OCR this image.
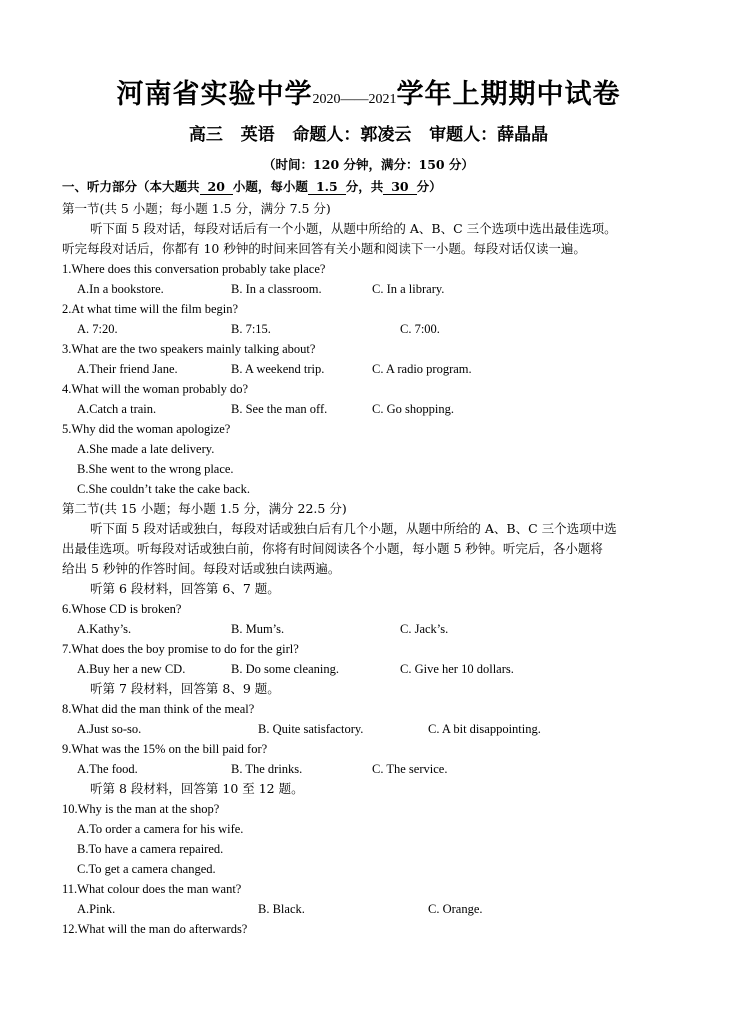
河南省实验中学2020——2021学年上期期中试卷
高三   英语   命题人：郭凌云   审题人：薛晶晶
（时间：120 分钟，满分：150 分）
一、听力部分（本大题共 20 小题，每小题 1.5 分，共 30 分）
第一节(共 5 小题；每小题 1.5 分，满分 7.5 分)
听下面 5 段对话，每段对话后有一个小题，从题中所给的 A、B、C 三个选项中选出最佳选项。
听完每段对话后，你都有 10 秒钟的时间来回答有关小题和阅读下一小题。每段对话仅读一遍。
1.Where does this conversation probably take place?
A.In a bookstore.	B. In a classroom.	C. In a library.
2.At what time will the film begin?
A. 7:20.	B. 7:15.	C. 7:00.
3.What are the two speakers mainly talking about?
A.Their friend Jane.	B. A weekend trip.	C. A radio program.
4.What will the woman probably do?
A.Catch a train.	B. See the man off.	C. Go shopping.
5.Why did the woman apologize?
A.She made a late delivery.
B.She went to the wrong place.
C.She couldn’t take the cake back.
第二节(共 15 小题；每小题 1.5 分，满分 22.5 分)
听下面 5 段对话或独白，每段对话或独白后有几个小题，从题中所给的 A、B、C 三个选项中选
出最佳选项。听每段对话或独白前，你将有时间阅读各个小题，每小题 5 秒钟。听完后，各小题将
给出 5 秒钟的作答时间。每段对话或独白读两遍。
听第 6 段材料，回答第 6、7 题。
6.Whose CD is broken?
A.Kathy’s.	B. Mum’s.	C. Jack’s.
7.What does the boy promise to do for the girl?
A.Buy her a new CD.	B. Do some cleaning.	C. Give her 10 dollars.
听第 7 段材料，回答第 8、9 题。
8.What did the man think of the meal?
A.Just so-so.	B. Quite satisfactory.	C. A bit disappointing.
9.What was the 15% on the bill paid for?
A.The food.	B. The drinks.	C. The service.
听第 8 段材料，回答第 10 至 12 题。
10.Why is the man at the shop?
A.To order a camera for his wife.
B.To have a camera repaired.
C.To get a camera changed.
11.What colour does the man want?
A.Pink.	B. Black.	C. Orange.
12.What will the man do afterwards?
